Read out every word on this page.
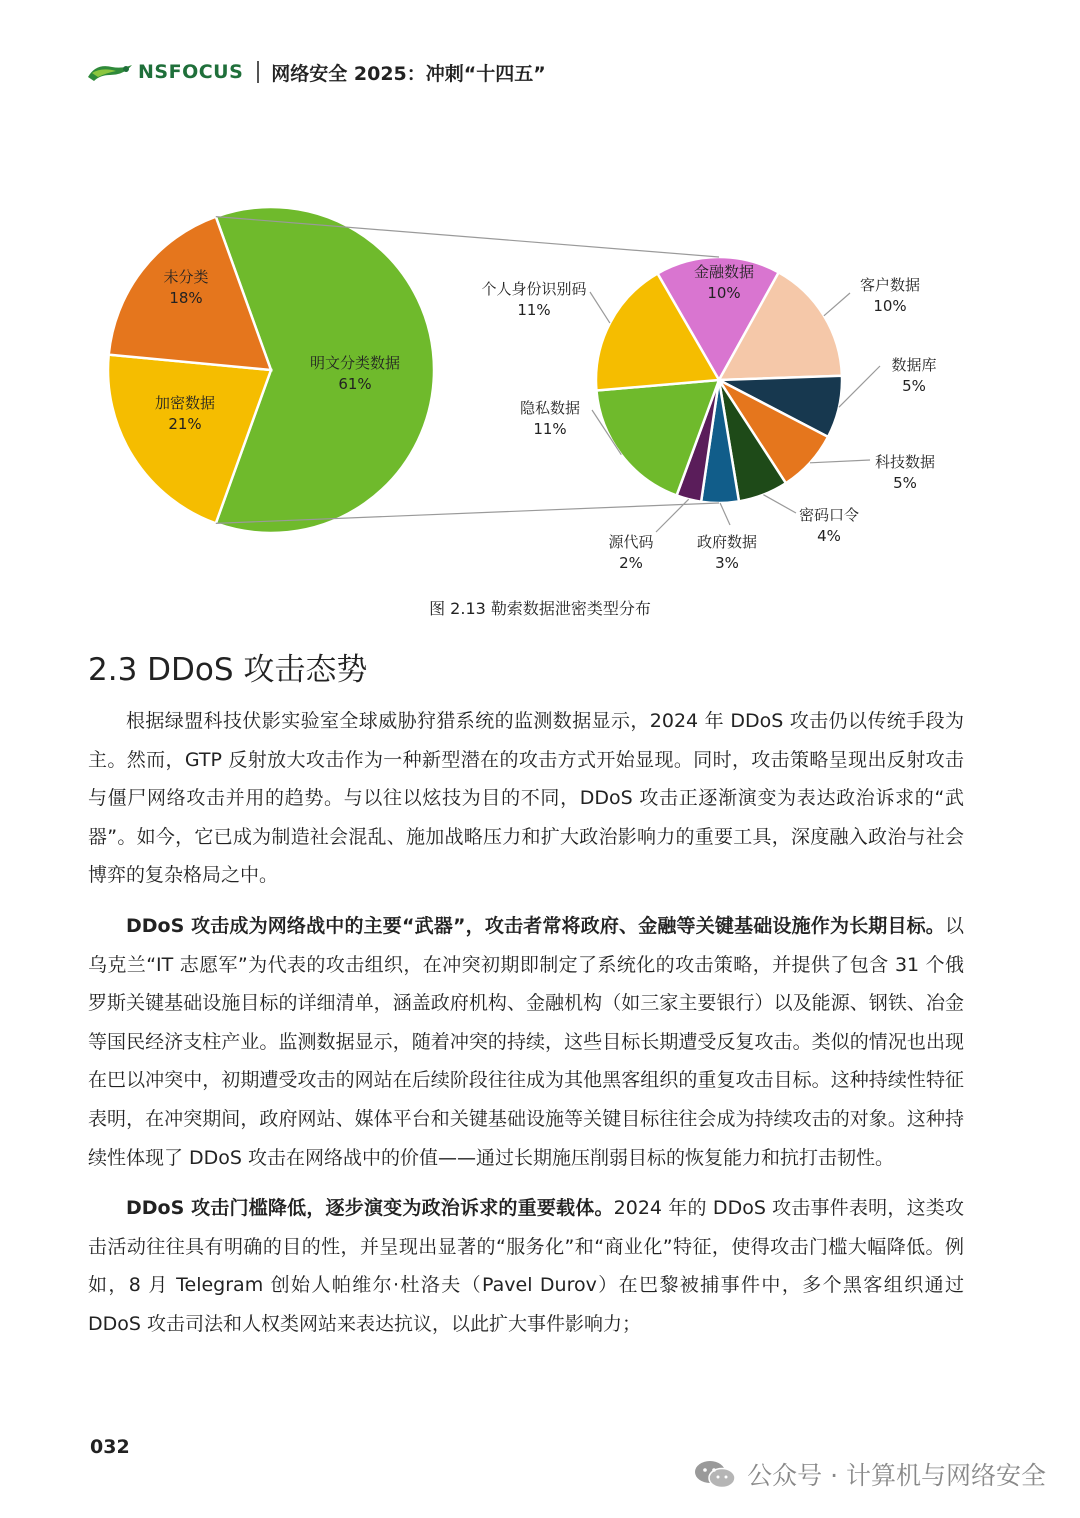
NSFOCUS 网络安全 2025：冲刺“十四五”
明文分类数据
61%
加密数据
21%
未分类
18%
金融数据
10%	客户数据
10%
数据库
5%
科技数据
5%
密码口令
4%
政府数据
3%
源代码
2%
隐私数据
11%
个人身份识别码
11%
图 2.13 勒索数据泄密类型分布
2.3 DDoS 攻击态势

根据绿盟科技伏影实验室全球威胁狩猎系统的监测数据显示，2024 年 DDoS 攻击仍以传统手段为主。然而，GTP 反射放大攻击作为一种新型潜在的攻击方式开始显现。同时，攻击策略呈现出反射攻击与僵尸网络攻击并用的趋势。与以往以炫技为目的不同，DDoS 攻击正逐渐演变为表达政治诉求的“武器”。如今，它已成为制造社会混乱、施加战略压力和扩大政治影响力的重要工具，深度融入政治与社会博弈的复杂格局之中。

DDoS 攻击成为网络战中的主要“武器”，攻击者常将政府、金融等关键基础设施作为长期目标。以乌克兰“IT 志愿军”为代表的攻击组织，在冲突初期即制定了系统化的攻击策略，并提供了包含 31 个俄罗斯关键基础设施目标的详细清单，涵盖政府机构、金融机构（如三家主要银行）以及能源、钢铁、冶金等国民经济支柱产业。监测数据显示，随着冲突的持续，这些目标长期遭受反复攻击。类似的情况也出现在巴以冲突中，初期遭受攻击的网站在后续阶段往往成为其他黑客组织的重复攻击目标。这种持续性特征表明，在冲突期间，政府网站、媒体平台和关键基础设施等关键目标往往会成为持续攻击的对象。这种持续性体现了 DDoS 攻击在网络战中的价值——通过长期施压削弱目标的恢复能力和抗打击韧性。

DDoS 攻击门槛降低，逐步演变为政治诉求的重要载体。2024 年的 DDoS 攻击事件表明，这类攻击活动往往具有明确的目的性，并呈现出显著的“服务化”和“商业化”特征，使得攻击门槛大幅降低。例如，8 月 Telegram 创始人帕维尔·杜洛夫（Pavel Durov）在巴黎被捕事件中，多个黑客组织通过 DDoS 攻击司法和人权类网站来表达抗议，以此扩大事件影响力；

032
公众号 · 计算机与网络安全
